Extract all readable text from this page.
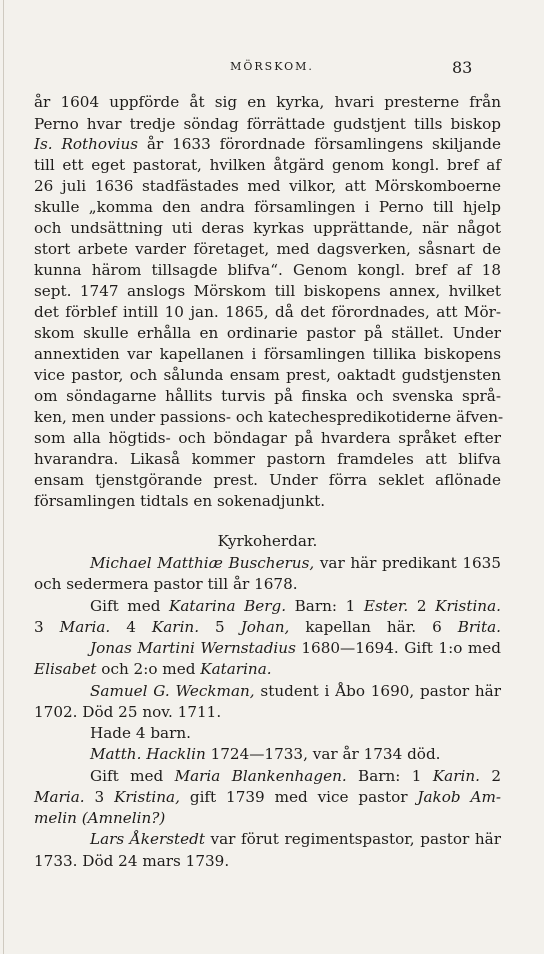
MÖRSKOM.	83
år 1604 uppförde åt sig en kyrka, hvari presterne från
Perno hvar tredje söndag förrättade gudstjent tills biskop
Is. Rothovius år 1633 förordnade församlingens skiljande
till ett eget pastorat, hvilken åtgärd genom kongl. bref af
26 juli 1636 stadfästades med vilkor, att Mörskomboerne
skulle „komma den andra församlingen i Perno till hjelp
och undsättning uti deras kyrkas upprättande, när något
stort arbete varder företaget, med dagsverken, såsnart de
kunna härom tillsagde blifva“. Genom kongl. bref af 18
sept. 1747 anslogs Mörskom till biskopens annex, hvilket
det förblef intill 10 jan. 1865, då det förordnades, att Mör-
skom skulle erhålla en ordinarie pastor på stället. Under
annextiden var kapellanen i församlingen tillika biskopens
vice pastor, och sålunda ensam prest, oaktadt gudstjensten
om söndagarne hållits turvis på finska och svenska språ-
ken, men under passions- och katechespredikotiderne äfven-
som alla högtids- och böndagar på hvardera språket efter
hvarandra. Likaså kommer pastorn framdeles att blifva
ensam tjenstgörande prest. Under förra seklet aflönade
församlingen tidtals en sokenadjunkt.
Kyrkoherdar.
Michael Matthiæ Buscherus, var här predikant 1635
och sedermera pastor till år 1678.
Gift med Katarina Berg. Barn: 1 Ester. 2 Kristina.
3 Maria. 4 Karin. 5 Johan, kapellan här. 6 Brita.
Jonas Martini Wernstadius 1680—1694. Gift 1:o med
Elisabet och 2:o med Katarina.
Samuel G. Weckman, student i Åbo 1690, pastor här
1702. Död 25 nov. 1711.
Hade 4 barn.
Matth. Hacklin 1724—1733, var år 1734 död.
Gift med Maria Blankenhagen. Barn: 1 Karin. 2
Maria. 3 Kristina, gift 1739 med vice pastor Jakob Am-
melin (Amnelin?)
Lars Åkerstedt var förut regimentspastor, pastor här
1733. Död 24 mars 1739.
